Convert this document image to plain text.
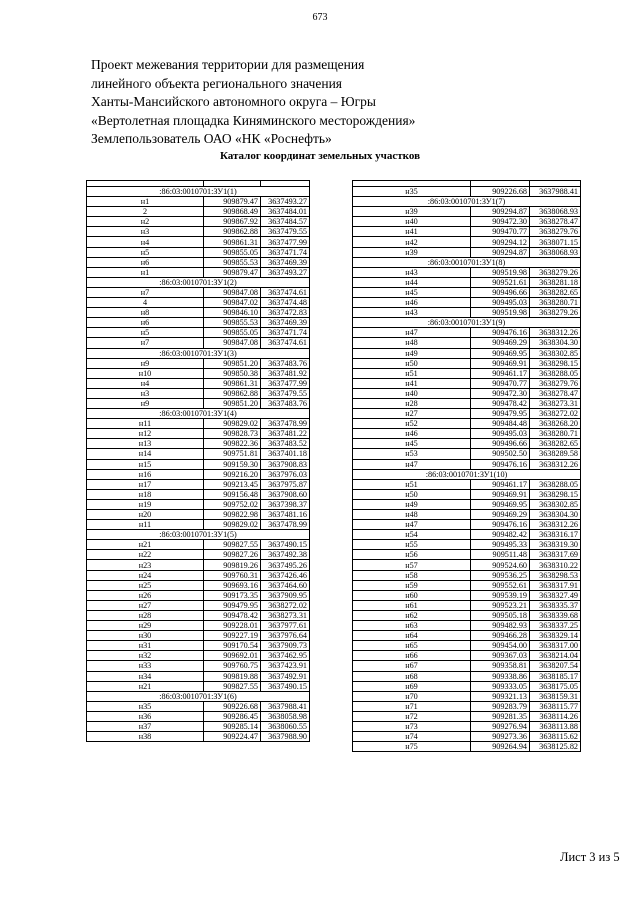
673
Проект межевания территории для размещения
линейного объекта регионального значения
Ханты-Мансийского автономного округа – Югры
«Вертолетная площадка Киняминского месторождения»
Землепользователь ОАО «НК «Роснефть»
Каталог координат земельных участков

:86:03:0010701:ЗУ1(1)		
н1	909879.47	3637493.27
2	909868.49	3637484.01
н2	909867.92	3637484.57
н3	909862.88	3637479.55
н4	909861.31	3637477.99
н5	909855.05	3637471.74
н6	909855.53	3637469.39
н1	909879.47	3637493.27
:86:03:0010701:ЗУ1(2)		
н7	909847.08	3637474.61
4	909847.02	3637474.48
н8	909846.10	3637472.83
н6	909855.53	3637469.39
н5	909855.05	3637471.74
н7	909847.08	3637474.61
:86:03:0010701:ЗУ1(3)		
н9	909851.20	3637483.76
н10	909850.38	3637481.92
н4	909861.31	3637477.99
н3	909862.88	3637479.55
н9	909851.20	3637483.76
:86:03:0010701:ЗУ1(4)		
н11	909829.02	3637478.99
н12	909828.73	3637481.22
н13	909822.36	3637483.52
н14	909751.81	3637401.18
н15	909159.30	3637908.83
н16	909216.20	3637976.03
н17	909213.45	3637975.87
н18	909156.48	3637908.60
н19	909752.02	3637398.37
н20	909822.98	3637481.16
н11	909829.02	3637478.99
:86:03:0010701:ЗУ1(5)		
н21	909827.55	3637490.15
н22	909827.26	3637492.38
н23	909819.26	3637495.26
н24	909760.31	3637426.46
н25	909693.16	3637464.60
н26	909173.35	3637909.95
н27	909479.95	3638272.02
н28	909478.42	3638273.31
н29	909228.01	3637977.61
н30	909227.19	3637976.64
н31	909170.54	3637909.73
н32	909692.01	3637462.95
н33	909760.75	3637423.91
н34	909819.88	3637492.91
н21	909827.55	3637490.15
:86:03:0010701:ЗУ1(6)		
н35	909226.68	3637988.41
н36	909286.45	3638058.98
н37	909285.14	3638060.55
н38	909224.47	3637988.90

н35	909226.68	3637988.41
:86:03:0010701:ЗУ1(7)		
н39	909294.87	3638068.93
н40	909472.30	3638278.47
н41	909470.77	3638279.76
н42	909294.12	3638071.15
н39	909294.87	3638068.93
:86:03:0010701:ЗУ1(8)		
н43	909519.98	3638279.26
н44	909521.61	3638281.18
н45	909496.66	3638282.65
н46	909495.03	3638280.71
н43	909519.98	3638279.26
:86:03:0010701:ЗУ1(9)		
н47	909476.16	3638312.26
н48	909469.29	3638304.30
н49	909469.95	3638302.85
н50	909469.91	3638298.15
н51	909461.17	3638288.05
н41	909470.77	3638279.76
н40	909472.30	3638278.47
н28	909478.42	3638273.31
н27	909479.95	3638272.02
н52	909484.48	3638268.20
н46	909495.03	3638280.71
н45	909496.66	3638282.65
н53	909502.50	3638289.58
н47	909476.16	3638312.26
:86:03:0010701:ЗУ1(10)		
н51	909461.17	3638288.05
н50	909469.91	3638298.15
н49	909469.95	3638302.85
н48	909469.29	3638304.30
н47	909476.16	3638312.26
н54	909482.42	3638316.17
н55	909495.33	3638319.30
н56	909511.48	3638317.69
н57	909524.60	3638310.22
н58	909536.25	3638298.53
н59	909552.61	3638317.91
н60	909539.19	3638327.49
н61	909523.21	3638335.37
н62	909505.18	3638339.68
н63	909482.93	3638337.25
н64	909466.28	3638329.14
н65	909454.00	3638317.00
н66	909367.03	3638214.04
н67	909358.81	3638207.54
н68	909338.86	3638185.17
н69	909333.05	3638175.05
н70	909321.13	3638159.31
н71	909283.79	3638115.77
н72	909281.35	3638114.26
н73	909276.94	3638113.88
н74	909273.36	3638115.62
н75	909264.94	3638125.82
Лист 3 из 5
